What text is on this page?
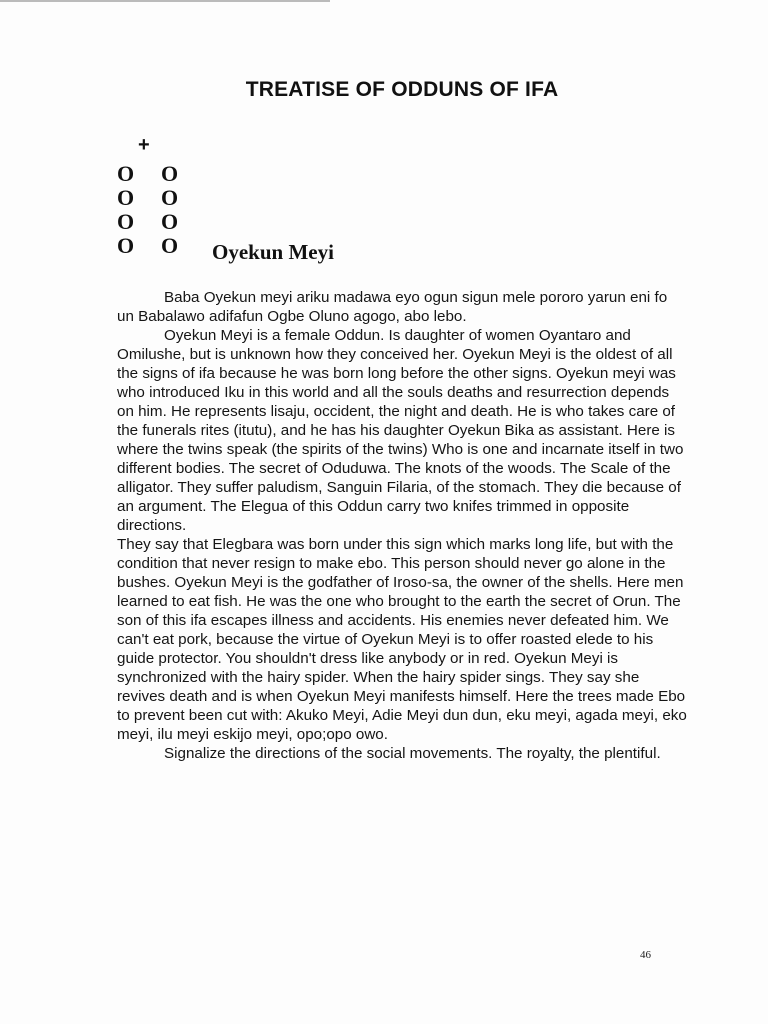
TREATISE OF ODDUNS OF IFA
+
O O
O O
O O
O O Oyekun Meyi

Baba Oyekun meyi ariku madawa eyo ogun sigun mele pororo yarun eni fo un Babalawo adifafun Ogbe Oluno agogo, abo lebo.

Oyekun Meyi is a female Oddun. Is daughter of women Oyantaro and Omilushe, but is unknown how they conceived her. Oyekun Meyi is the oldest of all the signs of ifa because he was born long before the other signs. Oyekun meyi was who introduced Iku in this world and all the souls deaths and resurrection depends on him. He represents lisaju, occident, the night and death. He is who takes care of the funerals rites (itutu), and he has his daughter Oyekun Bika as assistant. Here is where the twins speak (the spirits of the twins) Who is one and incarnate itself in two different bodies. The secret of Oduduwa. The knots of the woods. The Scale of the alligator. They suffer paludism, Sanguin Filaria, of the stomach. They die because of an argument. The Elegua of this Oddun carry two knifes trimmed in opposite directions.

They say that Elegbara was born under this sign which marks long life, but with the condition that never resign to make ebo. This person should never go alone in the bushes. Oyekun Meyi is the godfather of Iroso-sa, the owner of the shells. Here men learned to eat fish. He was the one who brought to the earth the secret of Orun. The son of this ifa escapes illness and accidents. His enemies never defeated him. We can't eat pork, because the virtue of Oyekun Meyi is to offer roasted elede to his guide protector. You shouldn't dress like anybody or in red. Oyekun Meyi is synchronized with the hairy spider. When the hairy spider sings. They say she revives death and is when Oyekun Meyi manifests himself. Here the trees made Ebo to prevent been cut with: Akuko Meyi, Adie Meyi dun dun, eku meyi, agada meyi, eko meyi, ilu meyi eskijo meyi, opo;opo owo.

Signalize the directions of the social movements. The royalty, the plentiful.

46
